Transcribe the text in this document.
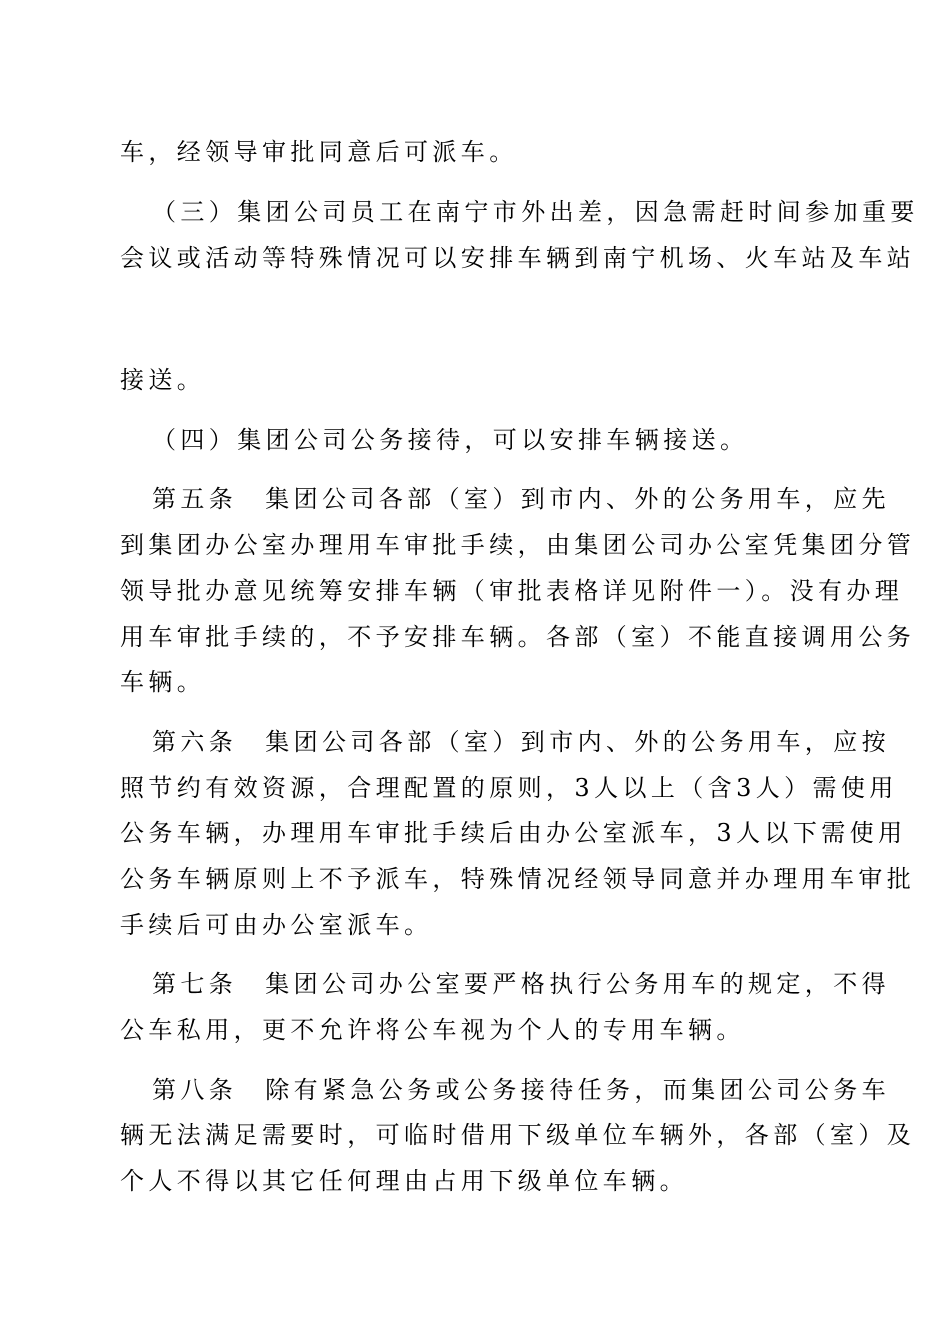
车，经领导审批同意后可派车。
（三）集团公司员工在南宁市外出差，因急需赶时间参加重要
会议或活动等特殊情况可以安排车辆到南宁机场、火车站及车站
接送。
（四）集团公司公务接待，可以安排车辆接送。
第五条 集团公司各部（室）到市内、外的公务用车，应先
到集团办公室办理用车审批手续，由集团公司办公室凭集团分管
领导批办意见统筹安排车辆（审批表格详见附件一）。没有办理
用车审批手续的，不予安排车辆。各部（室）不能直接调用公务
车辆。
第六条 集团公司各部（室）到市内、外的公务用车，应按
照节约有效资源，合理配置的原则，3人以上（含3人）需使用
公务车辆，办理用车审批手续后由办公室派车，3人以下需使用
公务车辆原则上不予派车，特殊情况经领导同意并办理用车审批
手续后可由办公室派车。
第七条 集团公司办公室要严格执行公务用车的规定，不得
公车私用，更不允许将公车视为个人的专用车辆。
第八条 除有紧急公务或公务接待任务，而集团公司公务车
辆无法满足需要时，可临时借用下级单位车辆外，各部（室）及
个人不得以其它任何理由占用下级单位车辆。
